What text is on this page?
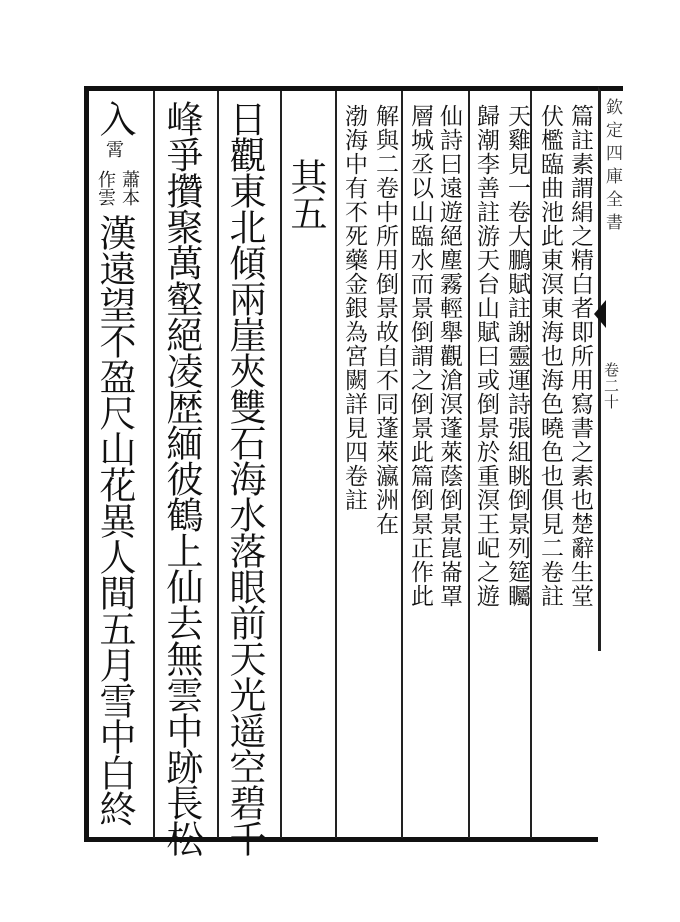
欽定四庫全書
卷二十
篇註素謂絹之精白者即所用寫書之素也楚辭生堂
伏檻臨曲池此東溟東海也海色曉色也俱見二卷註
天雞見一卷大鵬賦註謝靈運詩張組眺倒景列筵矚
歸潮李善註游天台山賦曰或倒景於重溟王屺之遊
仙詩曰遠遊絕塵霧輕舉觀滄溟蓬萊蔭倒景崑崙罩
層城丞以山臨水而景倒謂之倒景此篇倒景正作此
解與二卷中所用倒景故自不同蓬萊瀛洲在
渤海中有不死藥金銀為宮闕詳見四卷註
其五
日觀東北傾兩崖夾雙石海水落眼前天光遥空碧千
峰爭攢聚萬壑絕凌歴緬彼鶴上仙去無雲中跡長松
入
霄
蕭本
作雲
漢遠望不盈尺山花異人間五月雪中白終
